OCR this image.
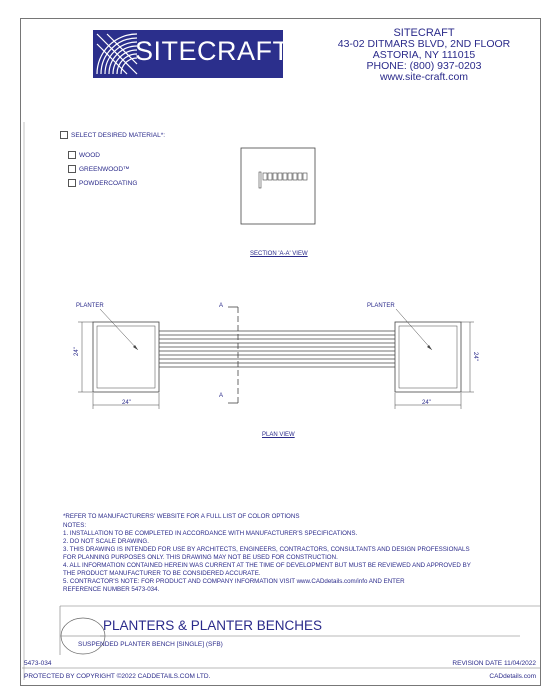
SITECRAFT
SITECRAFT
43-02 DITMARS BLVD, 2ND FLOOR
ASTORIA, NY 111015
PHONE: (800) 937-0203
www.site-craft.com
SELECT DESIRED MATERIAL*:
WOOD
GREENWOOD™
POWDERCOATING
SECTION 'A-A' VIEW
PLANTER	PLANTER
A
A
24"
24"
24"
24"
PLAN VIEW
*REFER TO MANUFACTURERS' WEBSITE FOR A FULL LIST OF COLOR OPTIONS
NOTES:
1. INSTALLATION TO BE COMPLETED IN ACCORDANCE WITH MANUFACTURER'S SPECIFICATIONS.
2. DO NOT SCALE DRAWING.
3. THIS DRAWING IS INTENDED FOR USE BY ARCHITECTS, ENGINEERS, CONTRACTORS, CONSULTANTS AND DESIGN PROFESSIONALS
FOR PLANNING PURPOSES ONLY. THIS DRAWING MAY NOT BE USED FOR CONSTRUCTION.
4. ALL INFORMATION CONTAINED HEREIN WAS CURRENT AT THE TIME OF DEVELOPMENT BUT MUST BE REVIEWED AND APPROVED BY
THE PRODUCT MANUFACTURER TO BE CONSIDERED ACCURATE.
5. CONTRACTOR'S NOTE: FOR PRODUCT AND COMPANY INFORMATION VISIT www.CADdetails.com/info AND ENTER
REFERENCE NUMBER 5473-034.
PLANTERS & PLANTER BENCHES
SUSPENDED PLANTER BENCH [SINGLE] (SFB)
5473-034	REVISION DATE 11/04/2022
PROTECTED BY COPYRIGHT ©2022 CADDETAILS.COM LTD.	CADdetails.com
